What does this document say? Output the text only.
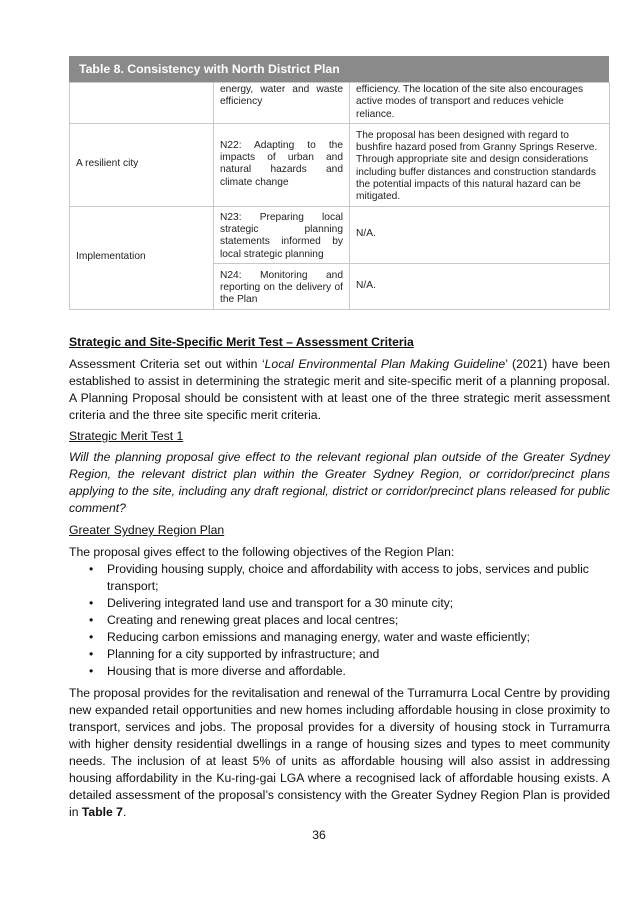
Table 8. Consistency with North District Plan
	energy, water and waste efficiency	efficiency. The location of the site also encourages active modes of transport and reduces vehicle reliance.
A resilient city	N22: Adapting to the impacts of urban and natural hazards and climate change	The proposal has been designed with regard to bushfire hazard posed from Granny Springs Reserve. Through appropriate site and design considerations including buffer distances and construction standards the potential impacts of this natural hazard can be mitigated.
Implementation	N23: Preparing local strategic planning statements informed by local strategic planning	N/A.
	N24: Monitoring and reporting on the delivery of the Plan	N/A.

Strategic and Site-Specific Merit Test – Assessment Criteria

Assessment Criteria set out within ‘Local Environmental Plan Making Guideline’ (2021) have been established to assist in determining the strategic merit and site-specific merit of a planning proposal. A Planning Proposal should be consistent with at least one of the three strategic merit assessment criteria and the three site specific merit criteria.

Strategic Merit Test 1

Will the planning proposal give effect to the relevant regional plan outside of the Greater Sydney Region, the relevant district plan within the Greater Sydney Region, or corridor/precinct plans applying to the site, including any draft regional, district or corridor/precinct plans released for public comment?

Greater Sydney Region Plan

The proposal gives effect to the following objectives of the Region Plan:

• Providing housing supply, choice and affordability with access to jobs, services and public transport;
• Delivering integrated land use and transport for a 30 minute city;
• Creating and renewing great places and local centres;
• Reducing carbon emissions and managing energy, water and waste efficiently;
• Planning for a city supported by infrastructure; and
• Housing that is more diverse and affordable.

The proposal provides for the revitalisation and renewal of the Turramurra Local Centre by providing new expanded retail opportunities and new homes including affordable housing in close proximity to transport, services and jobs. The proposal provides for a diversity of housing stock in Turramurra with higher density residential dwellings in a range of housing sizes and types to meet community needs. The inclusion of at least 5% of units as affordable housing will also assist in addressing housing affordability in the Ku-ring-gai LGA where a recognised lack of affordable housing exists. A detailed assessment of the proposal’s consistency with the Greater Sydney Region Plan is provided in Table 7.

36
